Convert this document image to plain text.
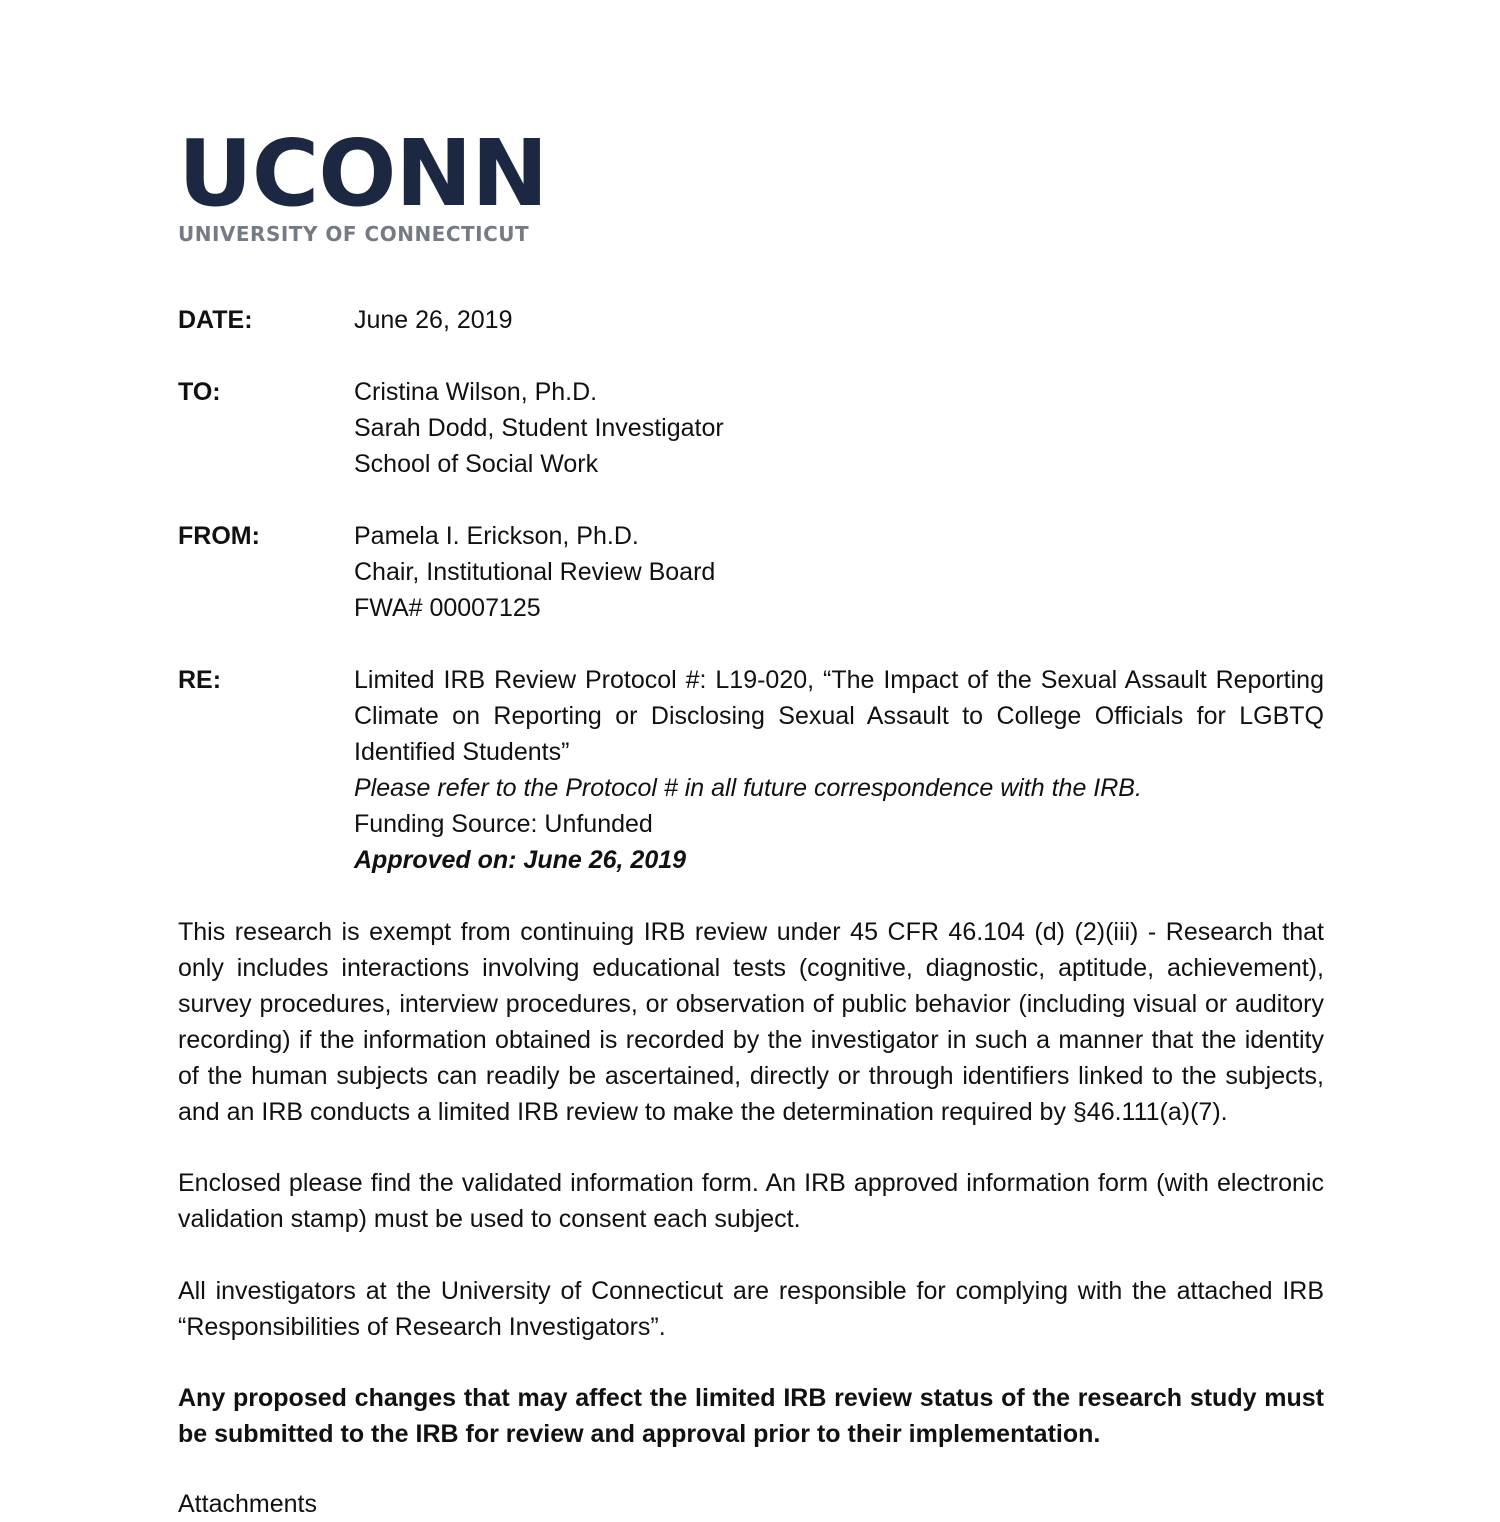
UCONN
UNIVERSITY OF CONNECTICUT
DATE:	June 26, 2019
TO:	Cristina Wilson, Ph.D.
Sarah Dodd, Student Investigator
School of Social Work
FROM:	Pamela I. Erickson, Ph.D.
Chair, Institutional Review Board
FWA# 00007125
RE:	Limited IRB Review Protocol #: L19-020, “The Impact of the Sexual Assault Reporting Climate on Reporting or Disclosing Sexual Assault to College Officials for LGBTQ Identified Students”
Please refer to the Protocol # in all future correspondence with the IRB.
Funding Source: Unfunded
Approved on: June 26, 2019
This research is exempt from continuing IRB review under 45 CFR 46.104 (d) (2)(iii) - Research that only includes interactions involving educational tests (cognitive, diagnostic, aptitude, achievement), survey procedures, interview procedures, or observation of public behavior (including visual or auditory recording) if the information obtained is recorded by the investigator in such a manner that the identity of the human subjects can readily be ascertained, directly or through identifiers linked to the subjects, and an IRB conducts a limited IRB review to make the determination required by §46.111(a)(7).
Enclosed please find the validated information form. An IRB approved information form (with electronic validation stamp) must be used to consent each subject.
All investigators at the University of Connecticut are responsible for complying with the attached IRB “Responsibilities of Research Investigators”.
Any proposed changes that may affect the limited IRB review status of the research study must be submitted to the IRB for review and approval prior to their implementation.
Attachments
